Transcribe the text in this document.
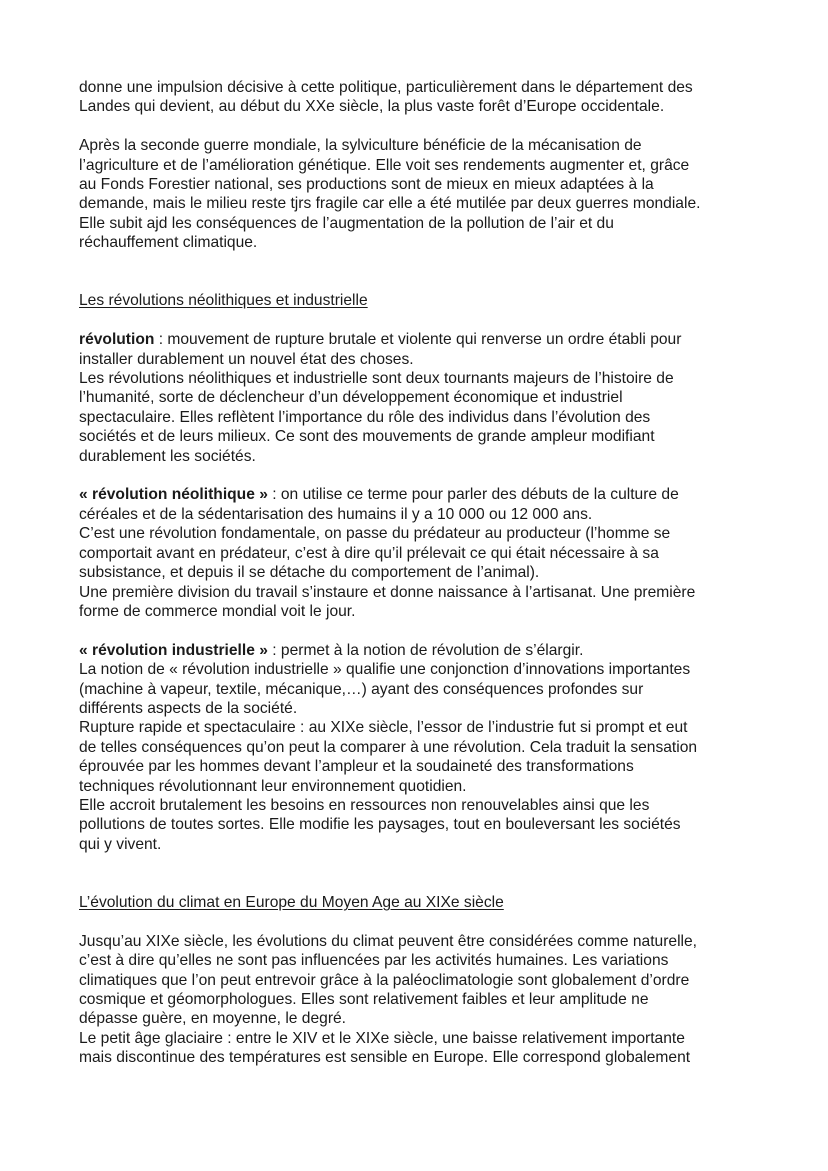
donne une impulsion décisive à cette politique, particulièrement dans le département des
Landes qui devient, au début du XXe siècle, la plus vaste forêt d’Europe occidentale.
Après la seconde guerre mondiale, la sylviculture bénéficie de la mécanisation de
l’agriculture et de l’amélioration génétique. Elle voit ses rendements augmenter et, grâce
au Fonds Forestier national, ses productions sont de mieux en mieux adaptées à la
demande, mais le milieu reste tjrs fragile car elle a été mutilée par deux guerres mondiale.
Elle subit ajd les conséquences de l’augmentation de la pollution de l’air et du
réchauffement climatique.
Les révolutions néolithiques et industrielle
révolution : mouvement de rupture brutale et violente qui renverse un ordre établi pour
installer durablement un nouvel état des choses.
Les révolutions néolithiques et industrielle sont deux tournants majeurs de l’histoire de
l’humanité, sorte de déclencheur d’un développement économique et industriel
spectaculaire. Elles reflètent l’importance du rôle des individus dans l’évolution des
sociétés et de leurs milieux. Ce sont des mouvements de grande ampleur modifiant
durablement les sociétés.
« révolution néolithique » : on utilise ce terme pour parler des débuts de la culture de
céréales et de la sédentarisation des humains il y a 10 000 ou 12 000 ans.
C’est une révolution fondamentale, on passe du prédateur au producteur (l’homme se
comportait avant en prédateur, c’est à dire qu’il prélevait ce qui était nécessaire à sa
subsistance, et depuis il se détache du comportement de l’animal).
Une première division du travail s’instaure et donne naissance à l’artisanat. Une première
forme de commerce mondial voit le jour.
« révolution industrielle » : permet à la notion de révolution de s’élargir.
La notion de « révolution industrielle » qualifie une conjonction d’innovations importantes
(machine à vapeur, textile, mécanique,…) ayant des conséquences profondes sur
différents aspects de la société.
Rupture rapide et spectaculaire : au XIXe siècle, l’essor de l’industrie fut si prompt et eut
de telles conséquences qu’on peut la comparer à une révolution. Cela traduit la sensation
éprouvée par les hommes devant l’ampleur et la soudaineté des transformations
techniques révolutionnant leur environnement quotidien.
Elle accroit brutalement les besoins en ressources non renouvelables ainsi que les
pollutions de toutes sortes. Elle modifie les paysages, tout en bouleversant les sociétés
qui y vivent.
L’évolution du climat en Europe du Moyen Age au XIXe siècle
Jusqu’au XIXe siècle, les évolutions du climat peuvent être considérées comme naturelle,
c’est à dire qu’elles ne sont pas influencées par les activités humaines. Les variations
climatiques que l’on peut entrevoir grâce à la paléoclimatologie sont globalement d’ordre
cosmique et géomorphologues. Elles sont relativement faibles et leur amplitude ne
dépasse guère, en moyenne, le degré.
Le petit âge glaciaire : entre le XIV et le XIXe siècle, une baisse relativement importante
mais discontinue des températures est sensible en Europe. Elle correspond globalement
